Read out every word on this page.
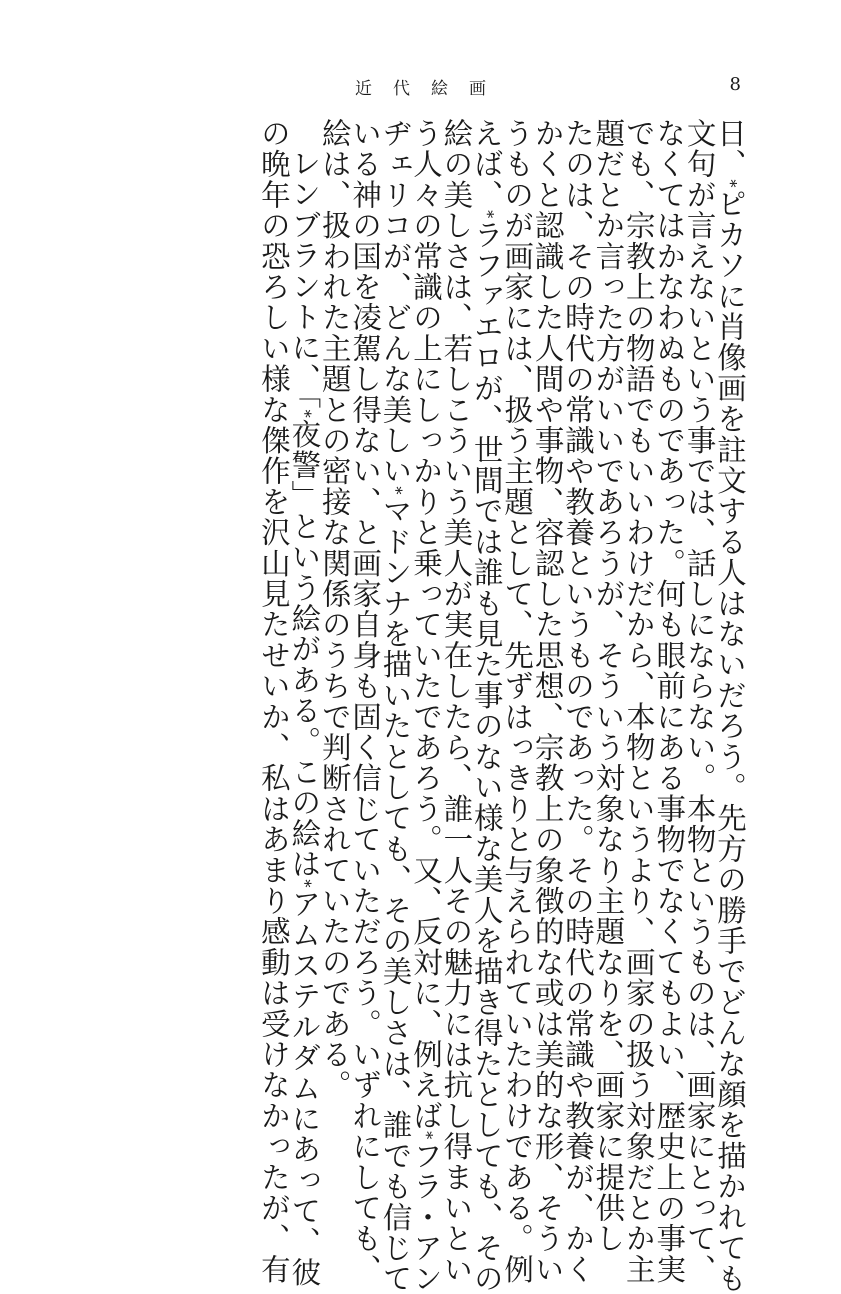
近代絵画	8
日、*ピカソに肖像画を註文する人はないだろう。先方の勝手でどんな顔を描かれても
文句が言えないという事では、話しにならない。本物というものは、画家にとって、
なくてはかなわぬものであった。何も眼前にある事物でなくてもよい、歴史上の事実
でも、宗教上の物語でもいいわけだから、本物というより、画家の扱う対象だとか主
題だとか言った方がいいであろうが、そういう対象なり主題なりを、画家に提供し
たのは、その時代の常識や教養というものであった。その時代の常識や教養が、かく
かくと認識した人間や事物、容認した思想、宗教上の象徴的な或は美的な形、そうい
うものが画家には、扱う主題として、先ずはっきりと与えられていたわけである。例
えば、*ラファエロが、世間では誰も見た事のない様な美人を描き得たとしても、その
絵の美しさは、若しこういう美人が実在したら、誰一人その魅力には抗し得まいとい
う人々の常識の上にしっかりと乗っていたであろう。又、反対に、例えば*フラ・アン
ヂェリコが、どんな美しい*マドンナを描いたとしても、その美しさは、誰でも信じて
いる神の国を凌駕し得ない、と画家自身も固く信じていただろう。いずれにしても、
絵は、扱われた主題との密接な関係のうちで判断されていたのである。
レンブラントに、「*夜警」という絵がある。この絵は*アムステルダムにあって、彼
の晩年の恐ろしい様な傑作を沢山見たせいか、私はあまり感動は受けなかったが、有
